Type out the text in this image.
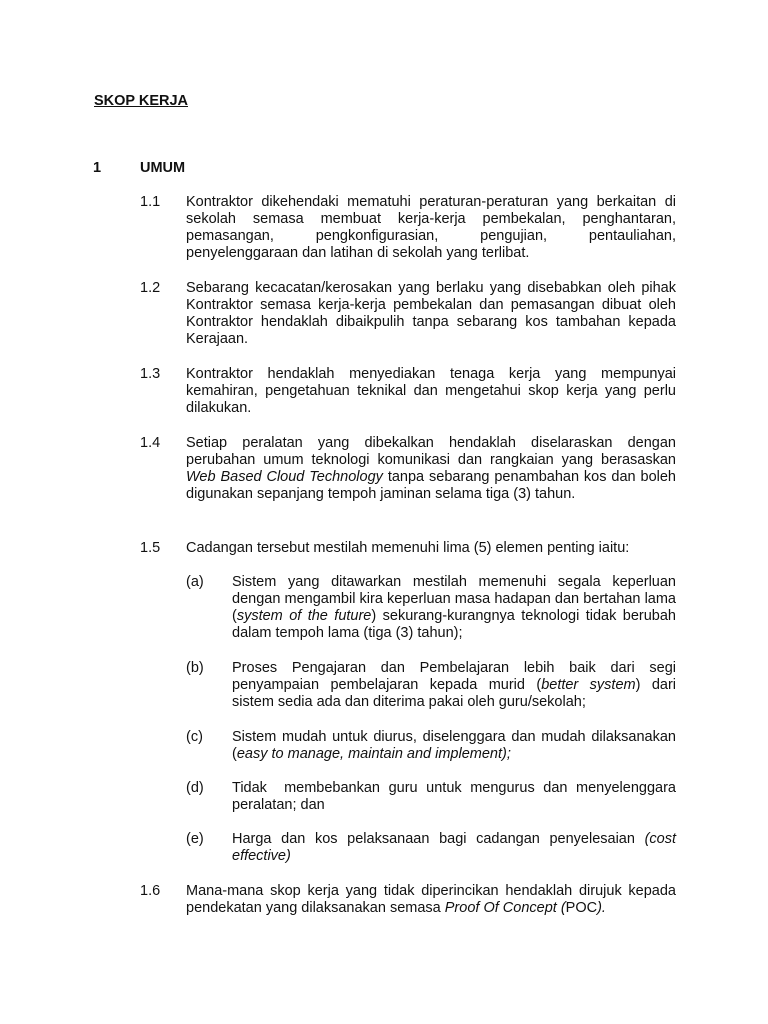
SKOP KERJA
1	UMUM
1.1 Kontraktor dikehendaki mematuhi peraturan-peraturan yang berkaitan di sekolah semasa membuat kerja-kerja pembekalan, penghantaran, pemasangan, pengkonfigurasian, pengujian, pentauliahan, penyelenggaraan dan latihan di sekolah yang terlibat.
1.2 Sebarang kecacatan/kerosakan yang berlaku yang disebabkan oleh pihak Kontraktor semasa kerja-kerja pembekalan dan pemasangan dibuat oleh Kontraktor hendaklah dibaikpulih tanpa sebarang kos tambahan kepada Kerajaan.
1.3 Kontraktor hendaklah menyediakan tenaga kerja yang mempunyai kemahiran, pengetahuan teknikal dan mengetahui skop kerja yang perlu dilakukan.
1.4 Setiap peralatan yang dibekalkan hendaklah diselaraskan dengan perubahan umum teknologi komunikasi dan rangkaian yang berasaskan Web Based Cloud Technology tanpa sebarang penambahan kos dan boleh digunakan sepanjang tempoh jaminan selama tiga (3) tahun.
1.5 Cadangan tersebut mestilah memenuhi lima (5) elemen penting iaitu:
(a) Sistem yang ditawarkan mestilah memenuhi segala keperluan dengan mengambil kira keperluan masa hadapan dan bertahan lama (system of the future) sekurang-kurangnya teknologi tidak berubah dalam tempoh lama (tiga (3) tahun);
(b) Proses Pengajaran dan Pembelajaran lebih baik dari segi penyampaian pembelajaran kepada murid (better system) dari sistem sedia ada dan diterima pakai oleh guru/sekolah;
(c) Sistem mudah untuk diurus, diselenggara dan mudah dilaksanakan (easy to manage, maintain and implement);
(d) Tidak  membebankan guru untuk mengurus dan menyelenggara peralatan; dan
(e) Harga dan kos pelaksanaan bagi cadangan penyelesaian (cost effective)
1.6 Mana-mana skop kerja yang tidak diperincikan hendaklah dirujuk kepada pendekatan yang dilaksanakan semasa Proof Of Concept (POC).
